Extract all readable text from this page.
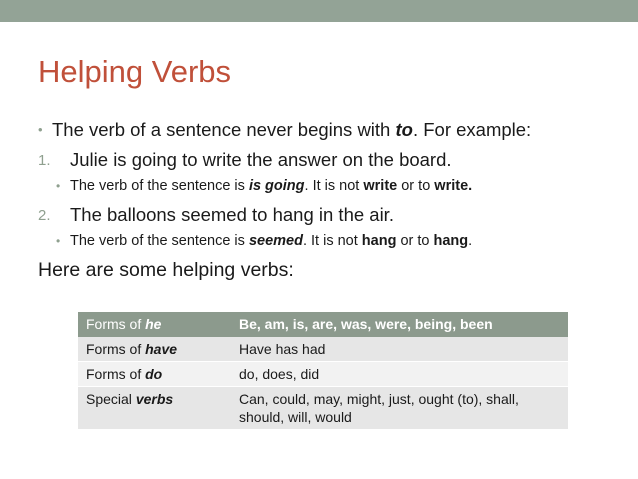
Helping Verbs
• The verb of a sentence never begins with to. For example:
1. Julie is going to write the answer on the board.
• The verb of the sentence is is going. It is not write or to write.
2. The balloons seemed to hang in the air.
• The verb of the sentence is seemed. It is not hang or to hang.
Here are some helping verbs:
Forms of he	Be, am, is, are, was, were, being, been
Forms of have	Have has had
Forms of do	do, does, did
Special verbs	Can, could, may, might, just, ought (to), shall, should, will, would
